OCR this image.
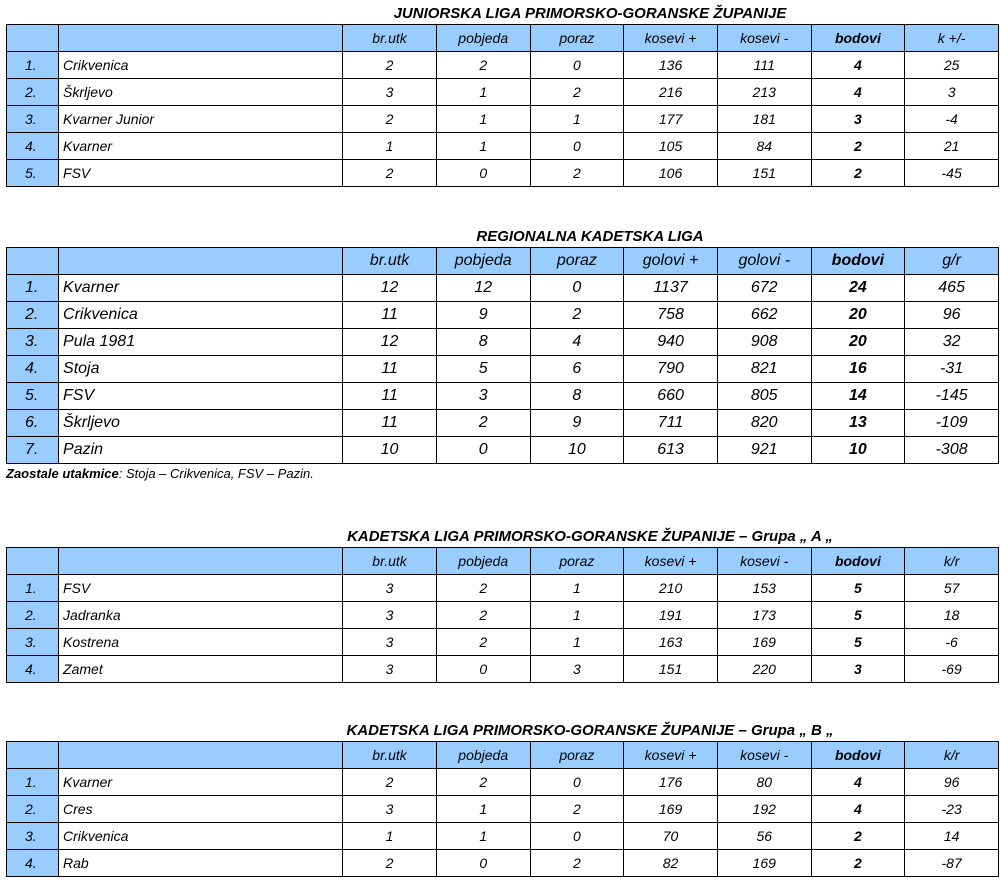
JUNIORSKA LIGA PRIMORSKO-GORANSKE ŽUPANIJE
		br.utk	pobjeda	poraz	kosevi +	kosevi -	bodovi	k +/-
1.	Crikvenica	2	2	0	136	111	4	25
2.	Škrljevo	3	1	2	216	213	4	3
3.	Kvarner Junior	2	1	1	177	181	3	-4
4.	Kvarner	1	1	0	105	84	2	21
5.	FSV	2	0	2	106	151	2	-45
REGIONALNA KADETSKA LIGA
		br.utk	pobjeda	poraz	golovi +	golovi -	bodovi	g/r
1.	Kvarner	12	12	0	1137	672	24	465
2.	Crikvenica	11	9	2	758	662	20	96
3.	Pula 1981	12	8	4	940	908	20	32
4.	Stoja	11	5	6	790	821	16	-31
5.	FSV	11	3	8	660	805	14	-145
6.	Škrljevo	11	2	9	711	820	13	-109
7.	Pazin	10	0	10	613	921	10	-308
Zaostale utakmice: Stoja – Crikvenica, FSV – Pazin.
KADETSKA LIGA PRIMORSKO-GORANSKE ŽUPANIJE – Grupa „ A „
		br.utk	pobjeda	poraz	kosevi +	kosevi -	bodovi	k/r
1.	FSV	3	2	1	210	153	5	57
2.	Jadranka	3	2	1	191	173	5	18
3.	Kostrena	3	2	1	163	169	5	-6
4.	Zamet	3	0	3	151	220	3	-69
KADETSKA LIGA PRIMORSKO-GORANSKE ŽUPANIJE – Grupa „ B „
		br.utk	pobjeda	poraz	kosevi +	kosevi -	bodovi	k/r
1.	Kvarner	2	2	0	176	80	4	96
2.	Cres	3	1	2	169	192	4	-23
3.	Crikvenica	1	1	0	70	56	2	14
4.	Rab	2	0	2	82	169	2	-87
